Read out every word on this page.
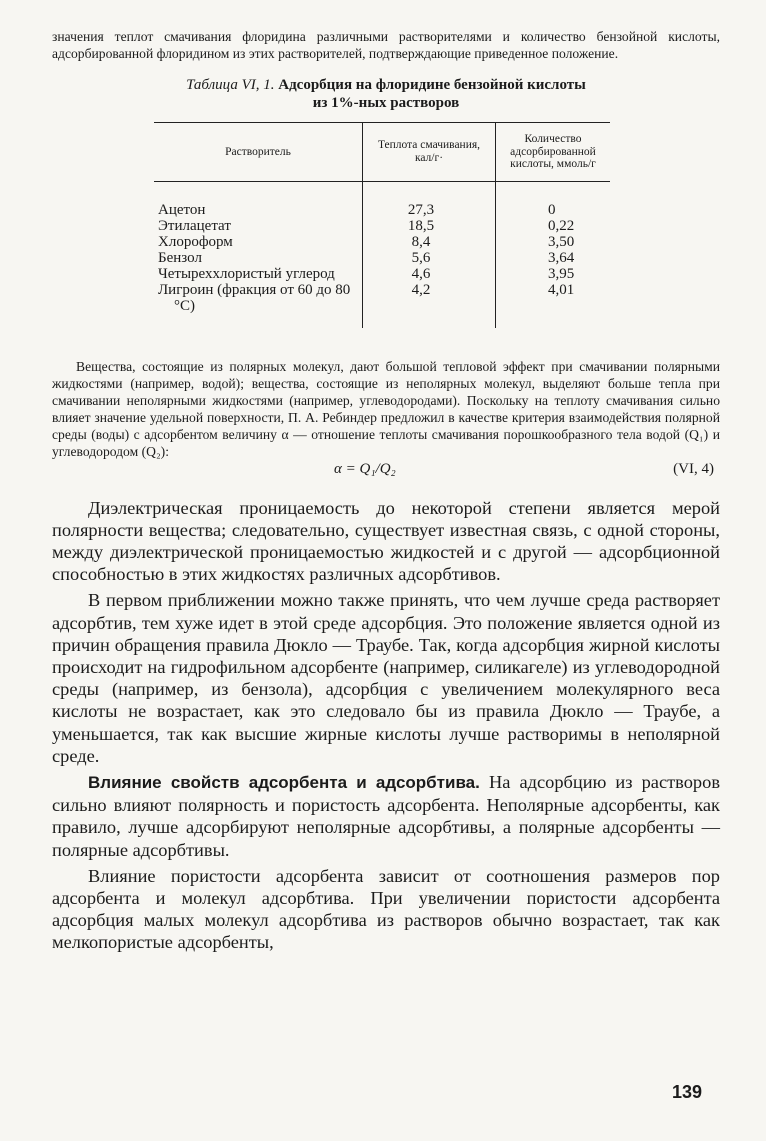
значения теплот смачивания флоридина различными растворителями и количество бензойной кислоты, адсорбированной флоридином из этих растворителей, подтверждающие приведенное положение.

Таблица VI, 1. Адсорбция на флоридине бензойной кислоты
из 1%-ных растворов
Растворитель	Теплота смачивания, кал/г·	Количество адсорбированной кислоты, ммоль/г
Ацетон	27,3	0
Этилацетат	18,5	0,22
Хлороформ	8,4	3,50
Бензол	5,6	3,64

Четыреххлористый углерод	4,6	3,95

Лигроин (фракция от 60 до 80 °С)	4,2	4,01

Вещества, состоящие из полярных молекул, дают большой тепловой эффект при смачивании полярными жидкостями (например, водой); вещества, состоящие из неполярных молекул, выделяют больше тепла при смачивании неполярными жидкостями (например, углеводородами). Поскольку на теплоту смачивания сильно влияет значение удельной поверхности, П. А. Ребиндер предложил в качестве критерия взаимодействия полярной среды (воды) с адсорбентом величину α — отношение теплоты смачивания порошкообразного тела водой (Q₁) и углеводородом (Q₂):

α = Q₁/Q₂	(VI, 4)

Диэлектрическая проницаемость до некоторой степени является мерой полярности вещества; следовательно, существует известная связь, с одной стороны, между диэлектрической проницаемостью жидкостей и с другой — адсорбционной способностью в этих жидкостях различных адсорбтивов.

В первом приближении можно также принять, что чем лучше среда растворяет адсорбтив, тем хуже идет в этой среде адсорбция. Это положение является одной из причин обращения правила Дюкло — Траубе. Так, когда адсорбция жирной кислоты происходит на гидрофильном адсорбенте (например, силикагеле) из углеводородной среды (например, из бензола), адсорбция с увеличением молекулярного веса кислоты не возрастает, как это следовало бы из правила Дюкло — Траубе, а уменьшается, так как высшие жирные кислоты лучше растворимы в неполярной среде.

Влияние свойств адсорбента и адсорбтива. На адсорбцию из растворов сильно влияют полярность и пористость адсорбента. Неполярные адсорбенты, как правило, лучше адсорбируют неполярные адсорбтивы, а полярные адсорбенты — полярные адсорбтивы.

Влияние пористости адсорбента зависит от соотношения размеров пор адсорбента и молекул адсорбтива. При увеличении пористости адсорбента адсорбция малых молекул адсорбтива из растворов обычно возрастает, так как мелкопористые адсорбенты,

139
